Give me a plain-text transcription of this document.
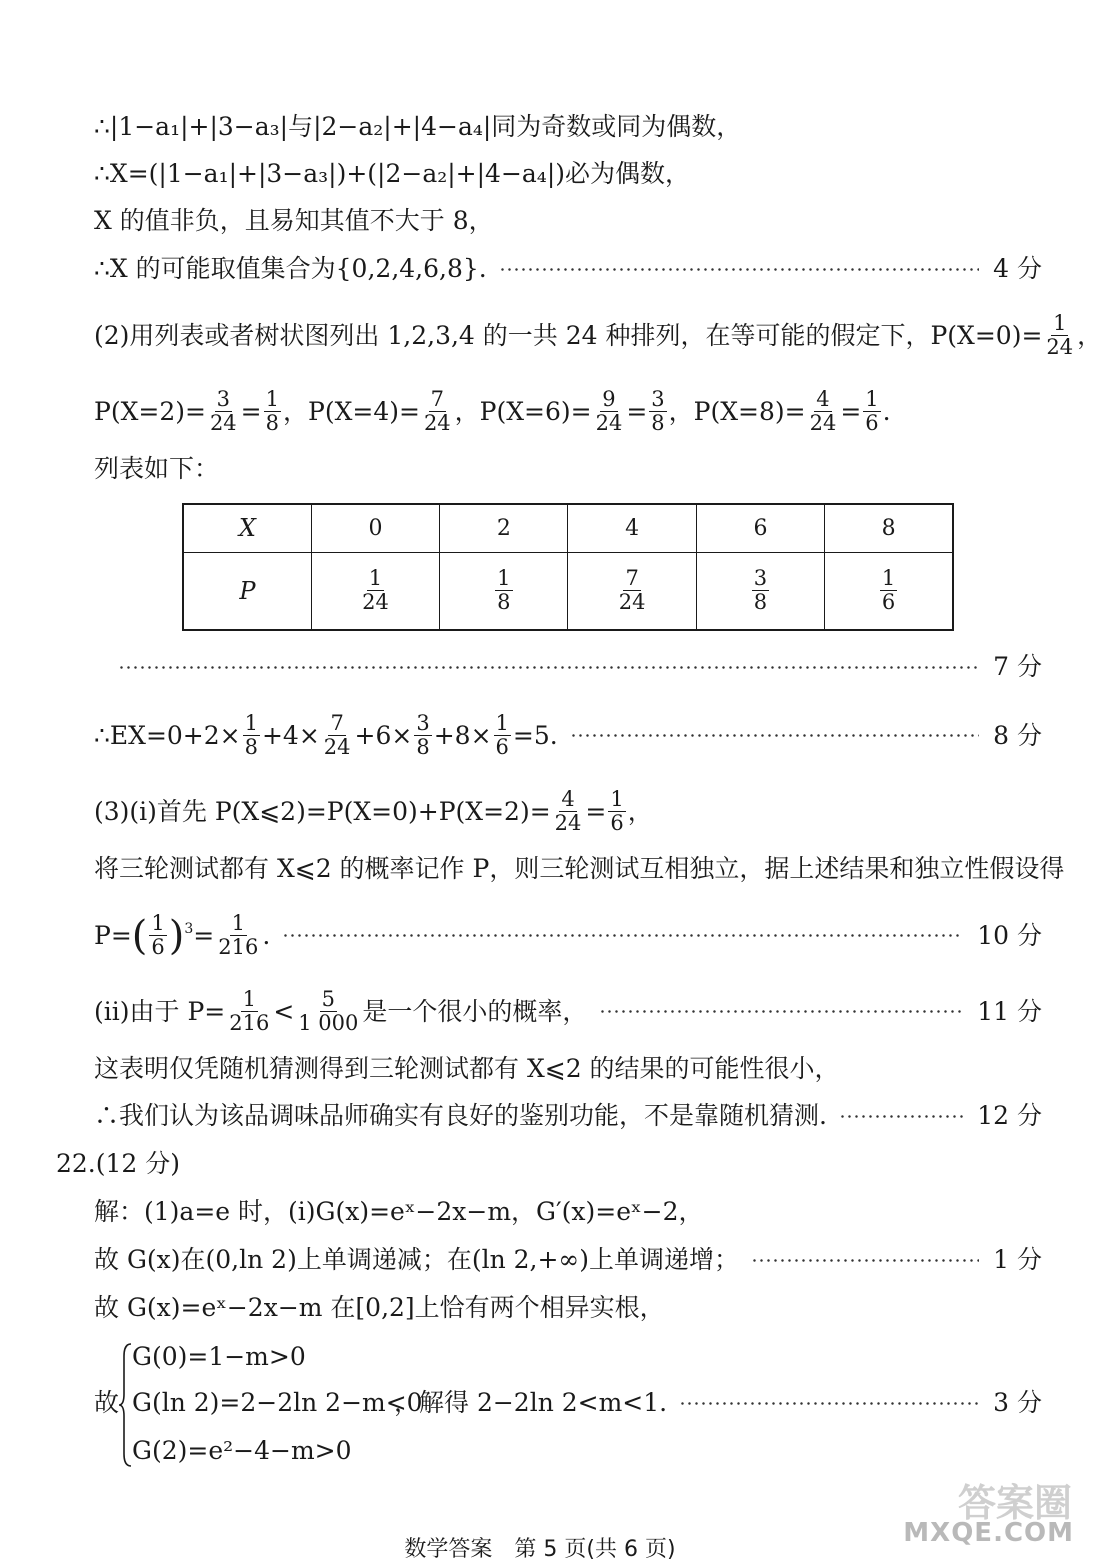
∴|1−a₁|+|3−a₃|与|2−a₂|+|4−a₄|同为奇数或同为偶数，
∴X=(|1−a₁|+|3−a₃|)+(|2−a₂|+|4−a₄|)必为偶数，
X 的值非负，且易知其值不大于 8，
∴X 的可能取值集合为{0,2,4,6,8}.	4 分
(2)用列表或者树状图列出 1,2,3,4 的一共 24 种排列，在等可能的假定下，$P(X=0)= \frac{1}{24}$ ，
$P(X=2)= \frac{3}{24} = \frac{1}{8}$ ，$P(X=4)= \frac{7}{24}$ ，$P(X=6)= \frac{9}{24} = \frac{3}{8}$ ，$P(X=8)= \frac{4}{24} = \frac{1}{6}$ .
列表如下：
X	0	2	4	6	8
P	$\frac{1}{24}$	$\frac{1}{8}$	$\frac{7}{24}$	$\frac{3}{8}$	$\frac{1}{6}$
7 分
∴EX=0+2× $\frac{1}{8} +4\times \frac{7}{24} +6\times \frac{3}{8} +8\times \frac{1}{6} =5$.	8 分
(3)(i)首先 P(X⩽2)=P(X=0)+P(X=2)= $\frac{4}{24} = \frac{1}{6}$ ，
将三轮测试都有 X⩽2 的概率记作 P，则三轮测试互相独立，据上述结果和独立性假设得
P= ( $\frac{1}{6} )^3 = \frac{1}{216}$ .	10 分
(ii)由于 $P= \frac{1}{216} < \frac{5}{1 000}$ 是一个很小的概率，	11 分
这表明仅凭随机猜测得到三轮测试都有 X⩽2 的结果的可能性很小，
∴我们认为该品调味品师确实有良好的鉴别功能，不是靠随机猜测.	12 分
22.(12 分)
解：(1)a=e 时，(i)G(x)=eˣ−2x−m，G′(x)=eˣ−2，
故 G(x)在(0,ln 2)上单调递减；在(ln 2,+∞)上单调递增；	1 分
故 G(x)=eˣ−2x−m 在[0,2]上恰有两个相异实根，
故
G(0)=1−m>0
G(ln 2)=2−2ln 2−m<0
G(2)=e²−4−m>0
，解得 2−2ln 2<m<1.	3 分
数学答案　第 5 页(共 6 页)
答案圈
MXQE.COM
